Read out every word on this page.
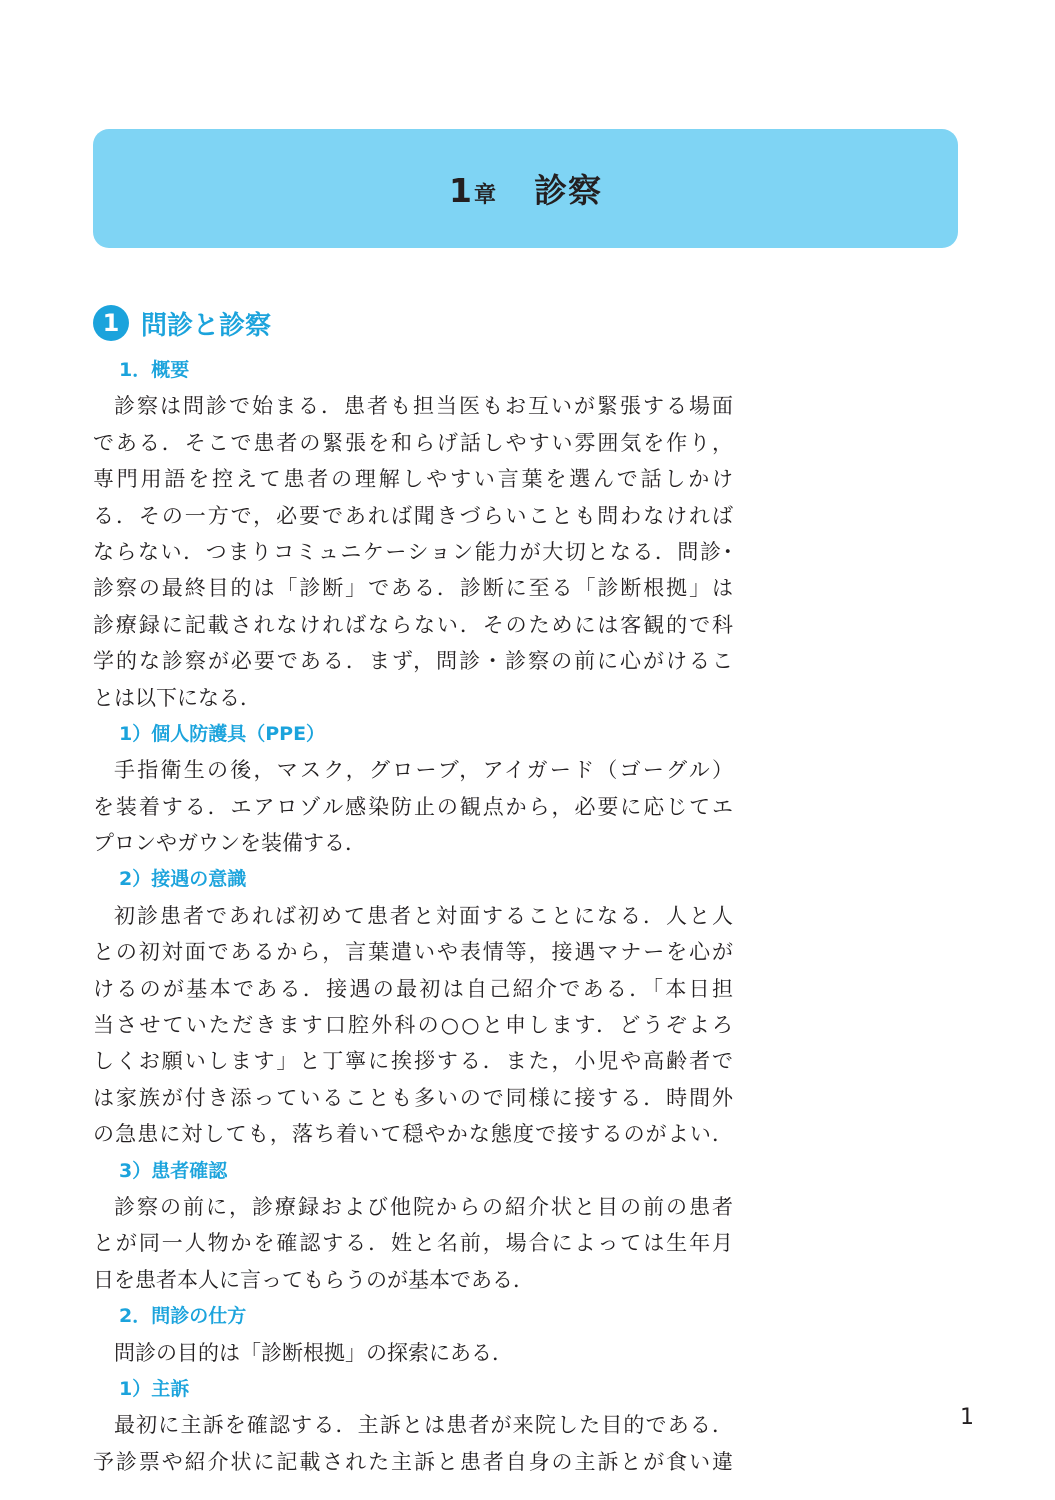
1章 診察
1 問診と診察
1．概要
診察は問診で始まる．患者も担当医もお互いが緊張する場面
である．そこで患者の緊張を和らげ話しやすい雰囲気を作り，
専門用語を控えて患者の理解しやすい言葉を選んで話しかけ
る．その一方で，必要であれば聞きづらいことも問わなければ
ならない．つまりコミュニケーション能力が大切となる．問診･
診察の最終目的は「診断」である．診断に至る「診断根拠」は
診療録に記載されなければならない．そのためには客観的で科
学的な診察が必要である．まず，問診・診察の前に心がけるこ
とは以下になる．
1）個人防護具（PPE）
手指衛生の後，マスク，グローブ，アイガード（ゴーグル）
を装着する．エアロゾル感染防止の観点から，必要に応じてエ
プロンやガウンを装備する．
2）接遇の意識
初診患者であれば初めて患者と対面することになる．人と人
との初対面であるから，言葉遣いや表情等，接遇マナーを心が
けるのが基本である．接遇の最初は自己紹介である．「本日担
当させていただきます口腔外科の○○と申します．どうぞよろ
しくお願いします」と丁寧に挨拶する．また，小児や高齢者で
は家族が付き添っていることも多いので同様に接する．時間外
の急患に対しても，落ち着いて穏やかな態度で接するのがよい．
3）患者確認
診察の前に，診療録および他院からの紹介状と目の前の患者
とが同一人物かを確認する．姓と名前，場合によっては生年月
日を患者本人に言ってもらうのが基本である．
2．問診の仕方
問診の目的は「診断根拠」の探索にある．
1）主訴
最初に主訴を確認する．主訴とは患者が来院した目的である．
予診票や紹介状に記載された主訴と患者自身の主訴とが食い違
1
